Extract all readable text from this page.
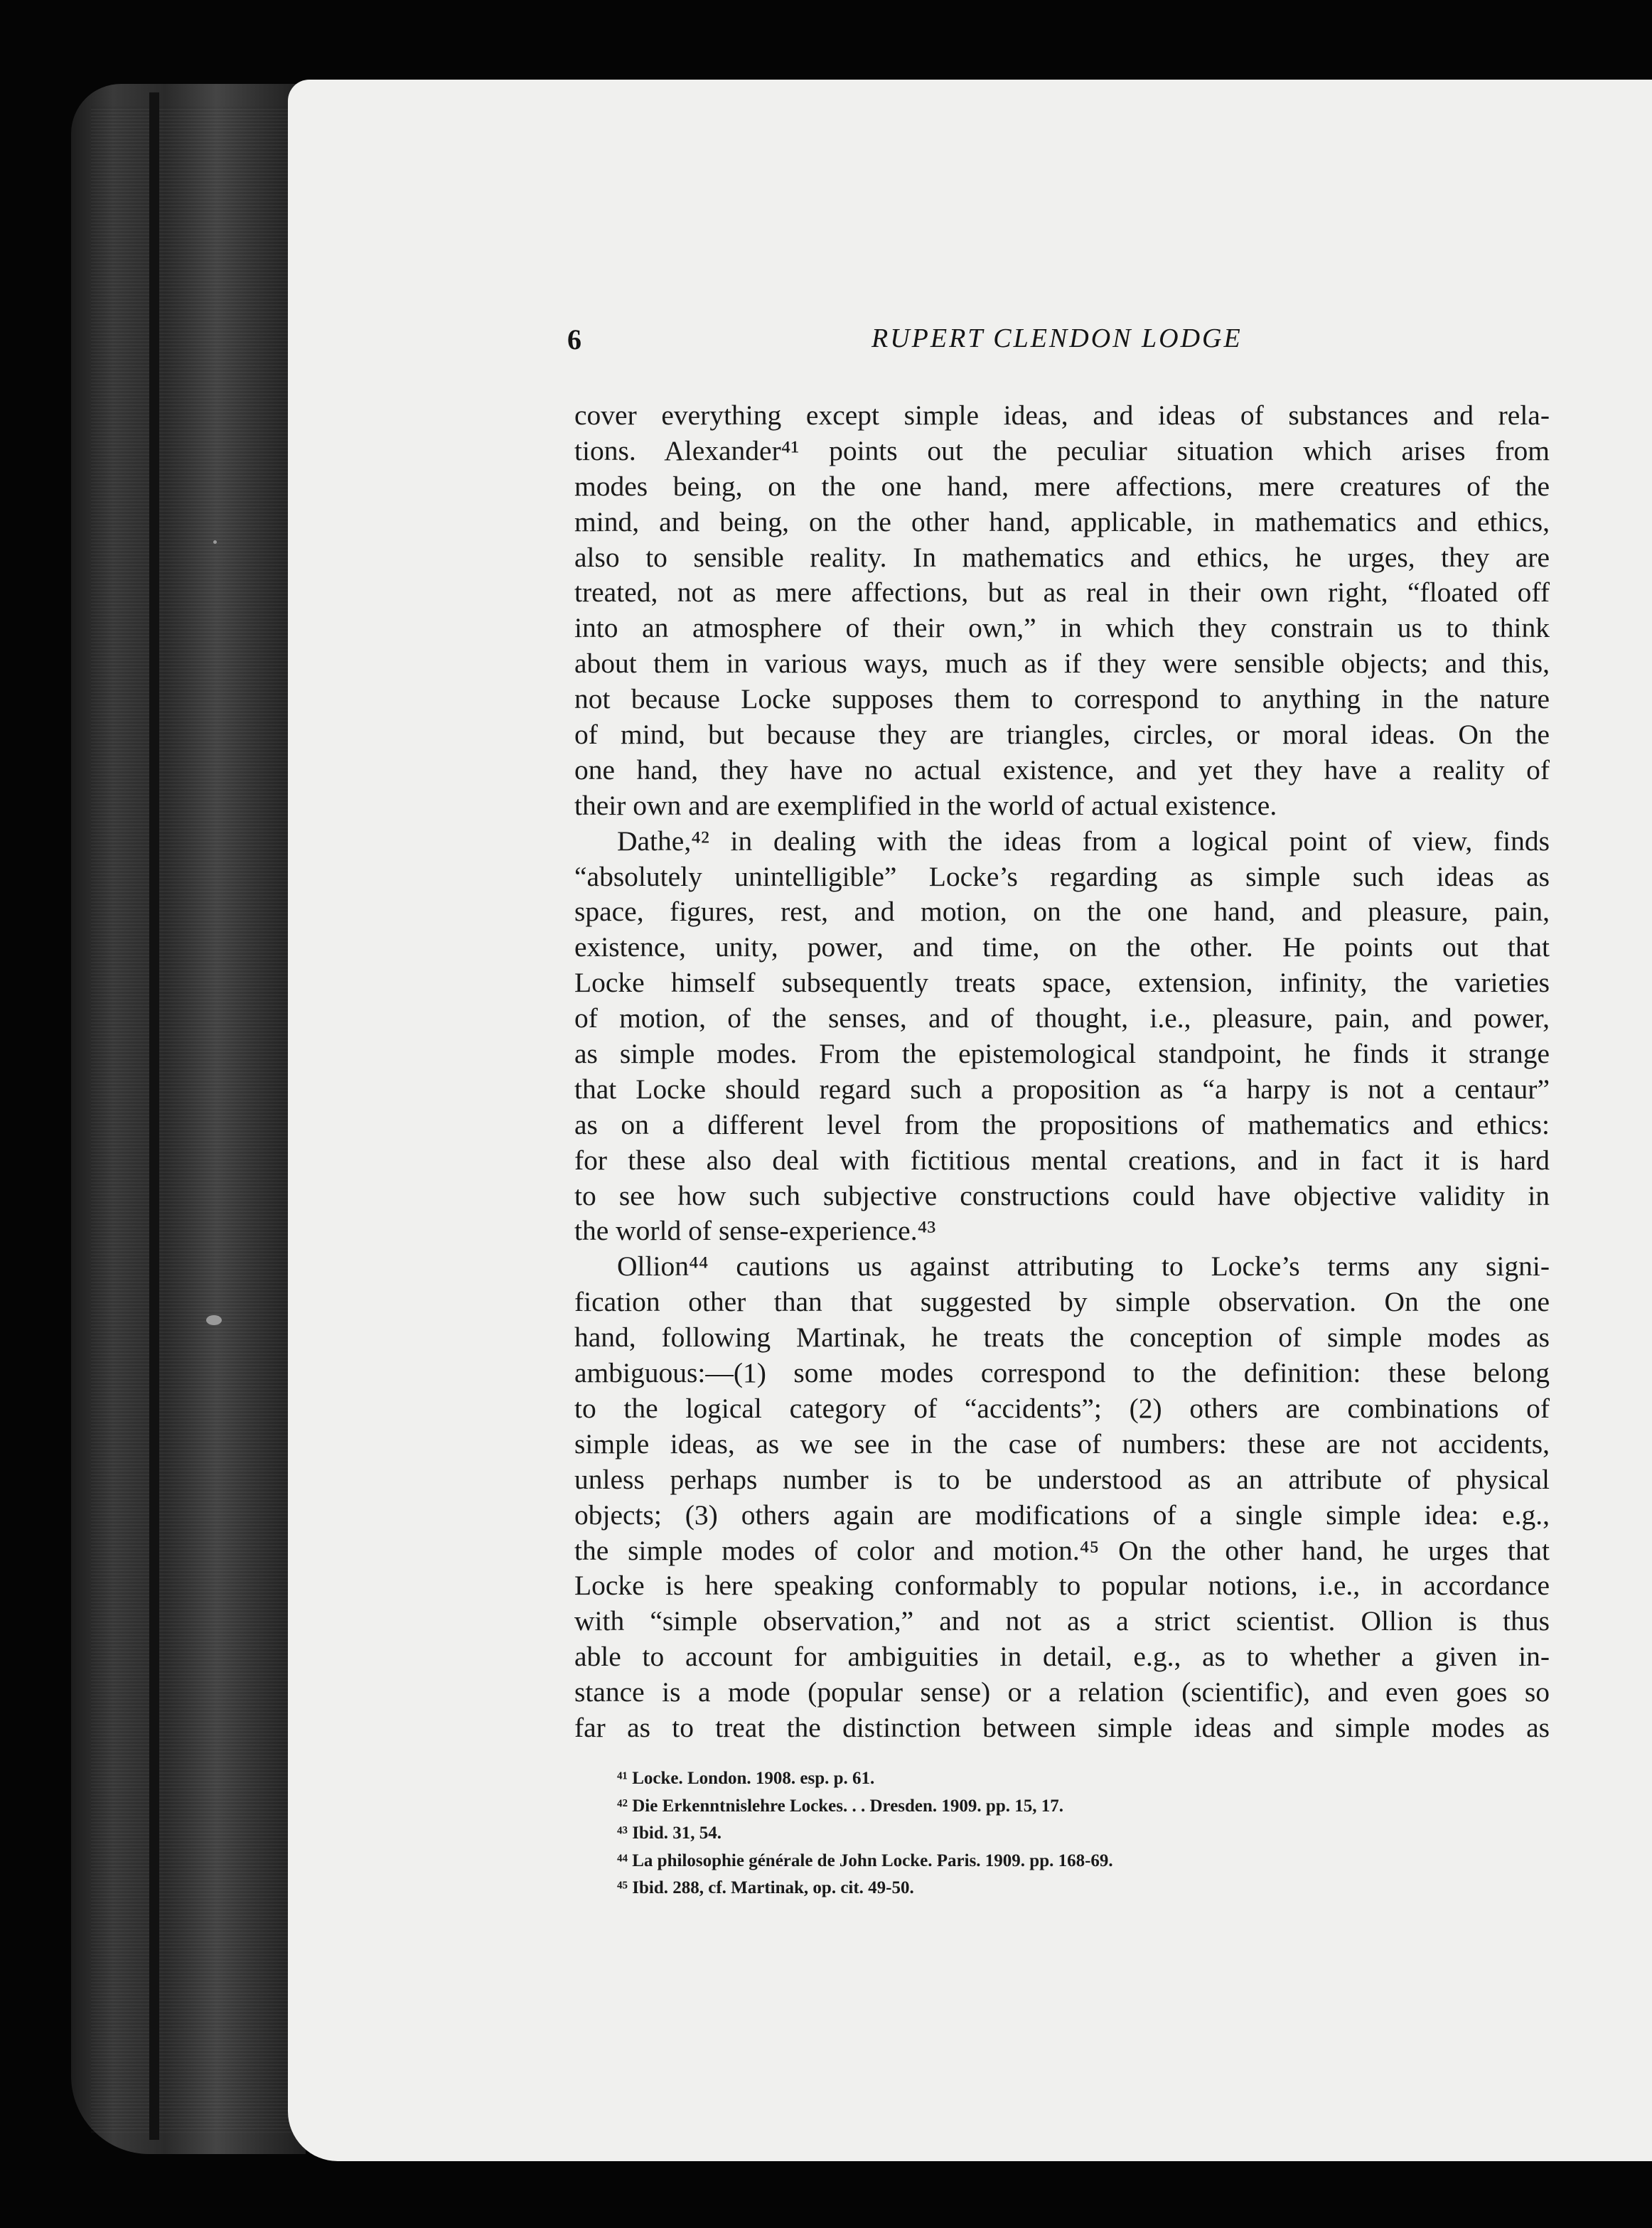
6	RUPERT CLENDON LODGE
cover everything except simple ideas, and ideas of substances and rela-
tions. Alexander⁴¹ points out the peculiar situation which arises from
modes being, on the one hand, mere affections, mere creatures of the
mind, and being, on the other hand, applicable, in mathematics and ethics,
also to sensible reality. In mathematics and ethics, he urges, they are
treated, not as mere affections, but as real in their own right, “floated off
into an atmosphere of their own,” in which they constrain us to think
about them in various ways, much as if they were sensible objects; and this,
not because Locke supposes them to correspond to anything in the nature
of mind, but because they are triangles, circles, or moral ideas. On the
one hand, they have no actual existence, and yet they have a reality of
their own and are exemplified in the world of actual existence.
Dathe,⁴² in dealing with the ideas from a logical point of view, finds
“absolutely unintelligible” Locke’s regarding as simple such ideas as
space, figures, rest, and motion, on the one hand, and pleasure, pain,
existence, unity, power, and time, on the other. He points out that
Locke himself subsequently treats space, extension, infinity, the varieties
of motion, of the senses, and of thought, i.e., pleasure, pain, and power,
as simple modes. From the epistemological standpoint, he finds it strange
that Locke should regard such a proposition as “a harpy is not a centaur”
as on a different level from the propositions of mathematics and ethics:
for these also deal with fictitious mental creations, and in fact it is hard
to see how such subjective constructions could have objective validity in
the world of sense-experience.⁴³
Ollion⁴⁴ cautions us against attributing to Locke’s terms any signi-
fication other than that suggested by simple observation. On the one
hand, following Martinak, he treats the conception of simple modes as
ambiguous:—(1) some modes correspond to the definition: these belong
to the logical category of “accidents”; (2) others are combinations of
simple ideas, as we see in the case of numbers: these are not accidents,
unless perhaps number is to be understood as an attribute of physical
objects; (3) others again are modifications of a single simple idea: e.g.,
the simple modes of color and motion.⁴⁵ On the other hand, he urges that
Locke is here speaking conformably to popular notions, i.e., in accordance
with “simple observation,” and not as a strict scientist. Ollion is thus
able to account for ambiguities in detail, e.g., as to whether a given in-
stance is a mode (popular sense) or a relation (scientific), and even goes so
far as to treat the distinction between simple ideas and simple modes as
⁴¹ Locke. London. 1908. esp. p. 61.
⁴² Die Erkenntnislehre Lockes. . . Dresden. 1909. pp. 15, 17.
⁴³ Ibid. 31, 54.
⁴⁴ La philosophie générale de John Locke. Paris. 1909. pp. 168-69.
⁴⁵ Ibid. 288, cf. Martinak, op. cit. 49-50.
